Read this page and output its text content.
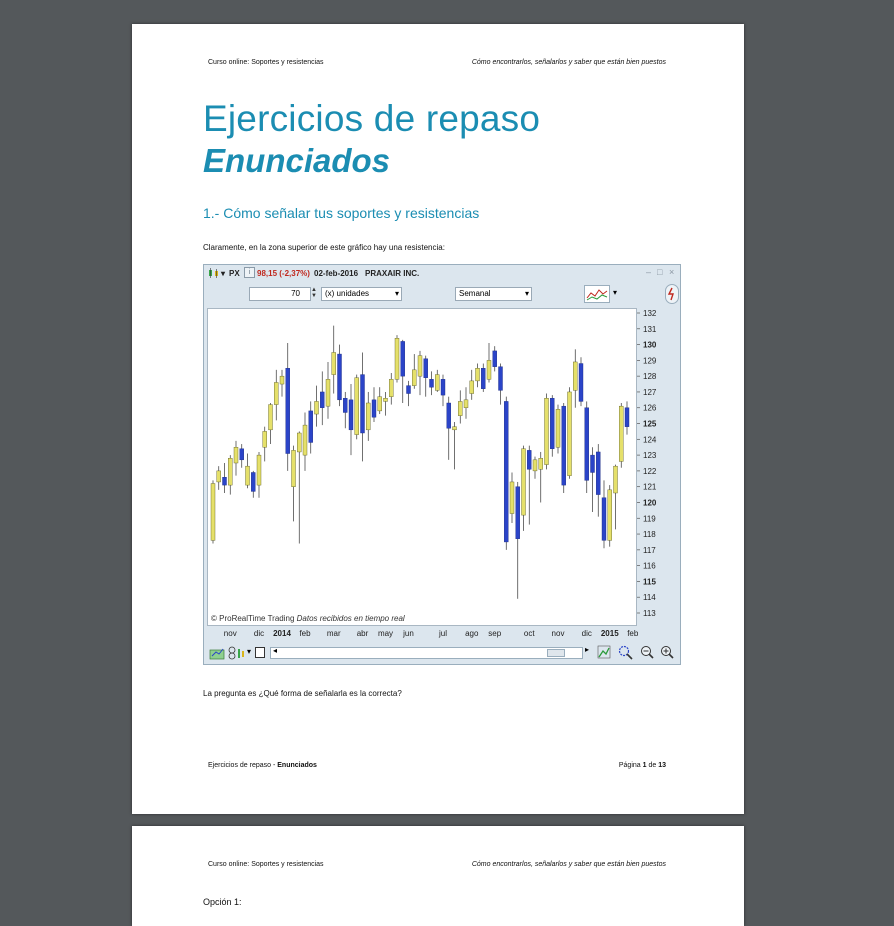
Curso online: Soportes y resistencias	Cómo encontrarlos, señalarlos y saber que están bien puestos
Ejercicios de repaso
Enunciados
1.- Cómo señalar tus soportes y resistencias
Claramente, en la zona superior de este gráfico hay una resistencia:
▾ PX	i 98,15 (-2,37%) 02-feb-2016 PRAXAIR INC.	– □ ×
70	▲
▼	(x) unidades	▾	Semanal	▾	▾
© ProRealTime Trading Datos recibidos en tiempo real
132
131
130
129
128
127
126
125
124
123
122
121
120
119
118
117
116
115
114
113
nov dic 2014 feb mar abr may jun	jul ago sep	oct nov dic 2015 feb
▾	◂	▸
La pregunta es ¿Qué forma de señalarla es la correcta?
Ejercicios de repaso - Enunciados	Página 1 de 13
Curso online: Soportes y resistencias	Cómo encontrarlos, señalarlos y saber que están bien puestos
Opción 1:
